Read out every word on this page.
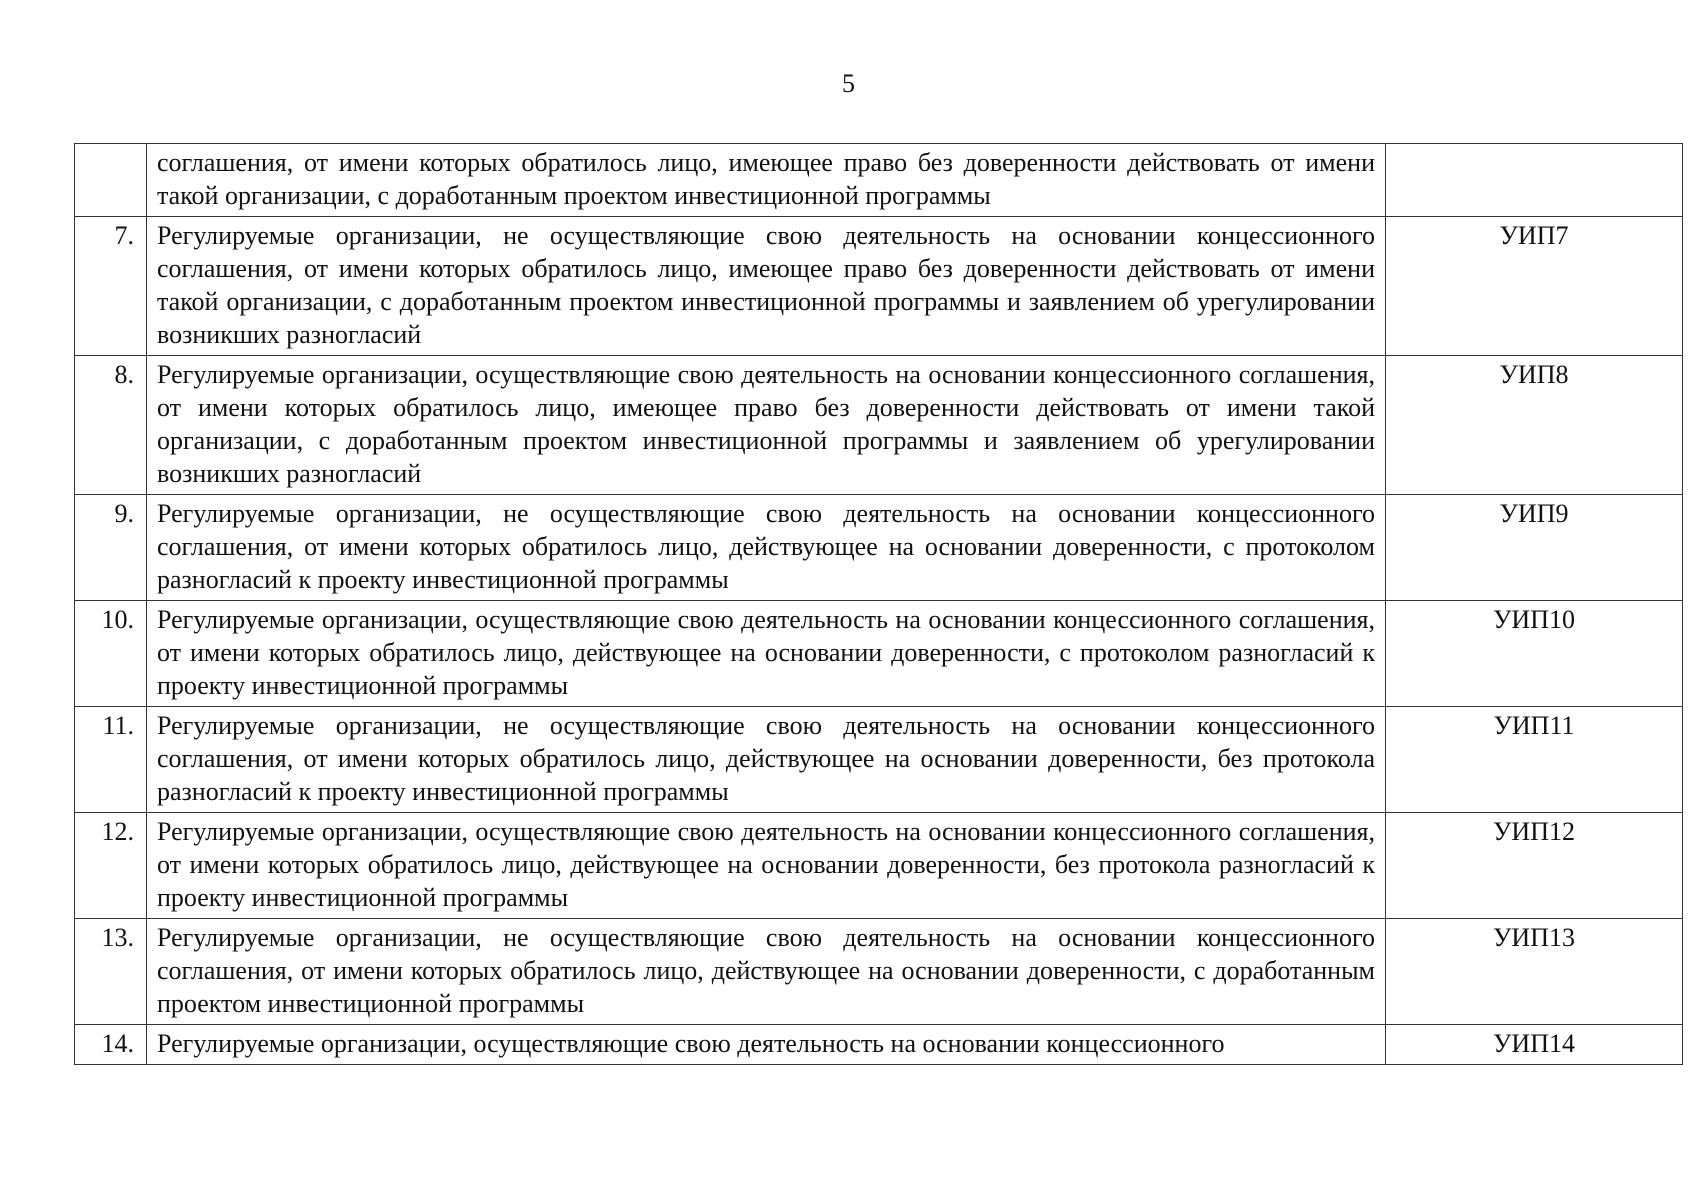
5
	соглашения, от имени которых обратилось лицо, имеющее право без доверенности действовать от имени такой организации, с доработанным проектом инвестиционной программы	
7.	Регулируемые организации, не осуществляющие свою деятельность на основании концессионного соглашения, от имени которых обратилось лицо, имеющее право без доверенности действовать от имени такой организации, с доработанным проектом инвестиционной программы и заявлением об урегулировании возникших разногласий	УИП7
8.	Регулируемые организации, осуществляющие свою деятельность на основании концессионного соглашения, от имени которых обратилось лицо, имеющее право без доверенности действовать от имени такой организации, с доработанным проектом инвестиционной программы и заявлением об урегулировании возникших разногласий	УИП8
9.	Регулируемые организации, не осуществляющие свою деятельность на основании концессионного соглашения, от имени которых обратилось лицо, действующее на основании доверенности, с протоколом разногласий к проекту инвестиционной программы	УИП9
10.	Регулируемые организации, осуществляющие свою деятельность на основании концессионного соглашения, от имени которых обратилось лицо, действующее на основании доверенности, с протоколом разногласий к проекту инвестиционной программы	УИП10
11.	Регулируемые организации, не осуществляющие свою деятельность на основании концессионного соглашения, от имени которых обратилось лицо, действующее на основании доверенности, без протокола разногласий к проекту инвестиционной программы	УИП11
12.	Регулируемые организации, осуществляющие свою деятельность на основании концессионного соглашения, от имени которых обратилось лицо, действующее на основании доверенности, без протокола разногласий к проекту инвестиционной программы	УИП12
13.	Регулируемые организации, не осуществляющие свою деятельность на основании концессионного соглашения, от имени которых обратилось лицо, действующее на основании доверенности, с доработанным проектом инвестиционной программы	УИП13
14.	Регулируемые организации, осуществляющие свою деятельность на основании концессионного	УИП14
